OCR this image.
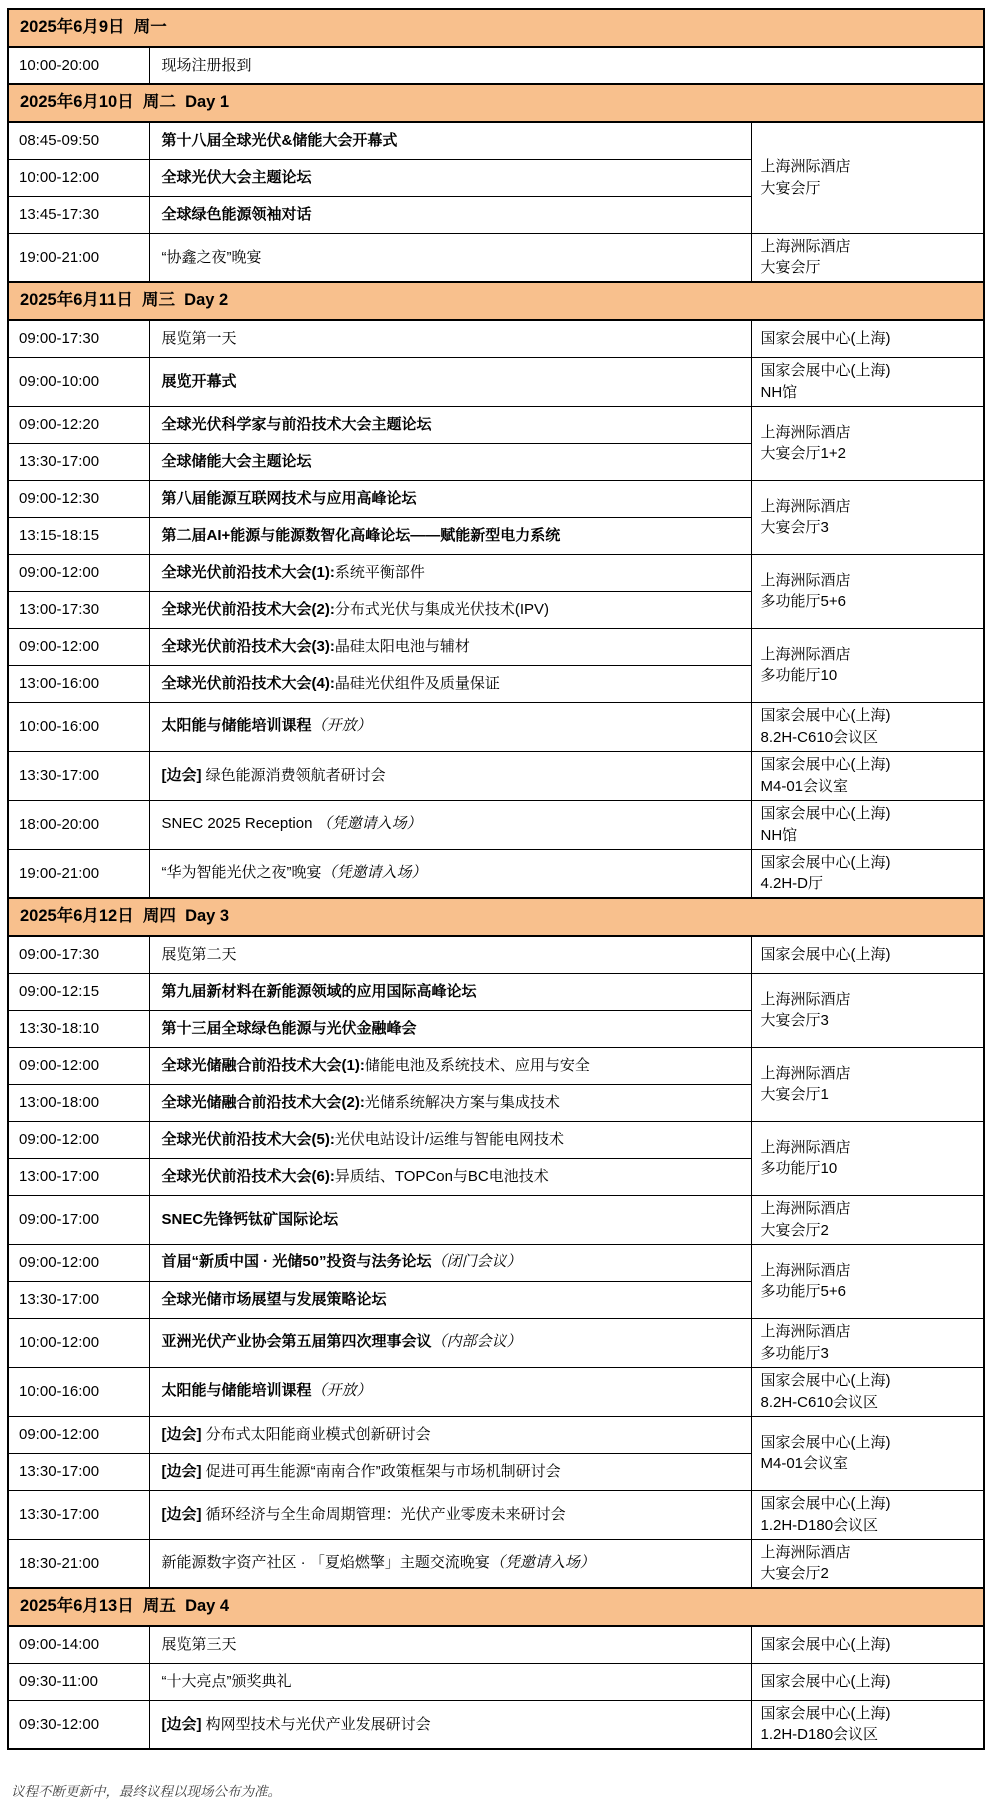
2025年6月9日  周一		
10:00-20:00	现场注册报到	
2025年6月10日  周二  Day 1		
08:45-09:50	第十八届全球光伏&储能大会开幕式	上海洲际酒店
大宴会厅

10:00-12:00	全球光伏大会主题论坛	
13:45-17:30	全球绿色能源领袖对话	
19:00-21:00	“协鑫之夜”晚宴	上海洲际酒店
大宴会厅

2025年6月11日  周三  Day 2		
09:00-17:30	展览第一天	国家会展中心(上海)

09:00-10:00	展览开幕式	国家会展中心(上海)
NH馆

09:00-12:20	全球光伏科学家与前沿技术大会主题论坛	上海洲际酒店
大宴会厅1+2

13:30-17:00	全球储能大会主题论坛	
09:00-12:30	第八届能源互联网技术与应用高峰论坛	上海洲际酒店
大宴会厅3

13:15-18:15	第二届AI+能源与能源数智化高峰论坛——赋能新型电力系统	
09:00-12:00	全球光伏前沿技术大会(1):系统平衡部件	上海洲际酒店
多功能厅5+6

13:00-17:30	全球光伏前沿技术大会(2):分布式光伏与集成光伏技术(IPV)	
09:00-12:00	全球光伏前沿技术大会(3):晶硅太阳电池与辅材	上海洲际酒店
多功能厅10

13:00-16:00	全球光伏前沿技术大会(4):晶硅光伏组件及质量保证	
10:00-16:00	太阳能与储能培训课程（开放）	国家会展中心(上海)
8.2H-C610会议区

13:30-17:00	[边会] 绿色能源消费领航者研讨会	国家会展中心(上海)
M4-01会议室

18:00-20:00	SNEC 2025 Reception （凭邀请入场）	国家会展中心(上海)
NH馆

19:00-21:00	“华为智能光伏之夜”晚宴（凭邀请入场）	国家会展中心(上海)
4.2H-D厅

2025年6月12日  周四  Day 3		
09:00-17:30	展览第二天	国家会展中心(上海)

09:00-12:15	第九届新材料在新能源领域的应用国际高峰论坛	上海洲际酒店
大宴会厅3

13:30-18:10	第十三届全球绿色能源与光伏金融峰会	
09:00-12:00	全球光储融合前沿技术大会(1):储能电池及系统技术、应用与安全	上海洲际酒店
大宴会厅1

13:00-18:00	全球光储融合前沿技术大会(2):光储系统解决方案与集成技术	
09:00-12:00	全球光伏前沿技术大会(5):光伏电站设计/运维与智能电网技术	上海洲际酒店
多功能厅10

13:00-17:00	全球光伏前沿技术大会(6):异质结、TOPCon与BC电池技术	
09:00-17:00	SNEC先锋钙钛矿国际论坛	上海洲际酒店
大宴会厅2

09:00-12:00	首届“新质中国 · 光储50”投资与法务论坛（闭门会议）	上海洲际酒店
多功能厅5+6

13:30-17:00	全球光储市场展望与发展策略论坛	
10:00-12:00	亚洲光伏产业协会第五届第四次理事会议（内部会议）	上海洲际酒店
多功能厅3

10:00-16:00	太阳能与储能培训课程（开放）	国家会展中心(上海)
8.2H-C610会议区

09:00-12:00	[边会] 分布式太阳能商业模式创新研讨会	国家会展中心(上海)
M4-01会议室

13:30-17:00	[边会] 促进可再生能源“南南合作”政策框架与市场机制研讨会	
13:30-17:00	[边会] 循环经济与全生命周期管理：光伏产业零废未来研讨会	国家会展中心(上海)
1.2H-D180会议区

18:30-21:00	新能源数字资产社区 · 「夏焰燃擎」主题交流晚宴（凭邀请入场）	上海洲际酒店
大宴会厅2

2025年6月13日  周五  Day 4		
09:00-14:00	展览第三天	国家会展中心(上海)

09:30-11:00	“十大亮点”颁奖典礼	国家会展中心(上海)

09:30-12:00	[边会] 构网型技术与光伏产业发展研讨会	国家会展中心(上海)
1.2H-D180会议区
议程不断更新中，最终议程以现场公布为准。
